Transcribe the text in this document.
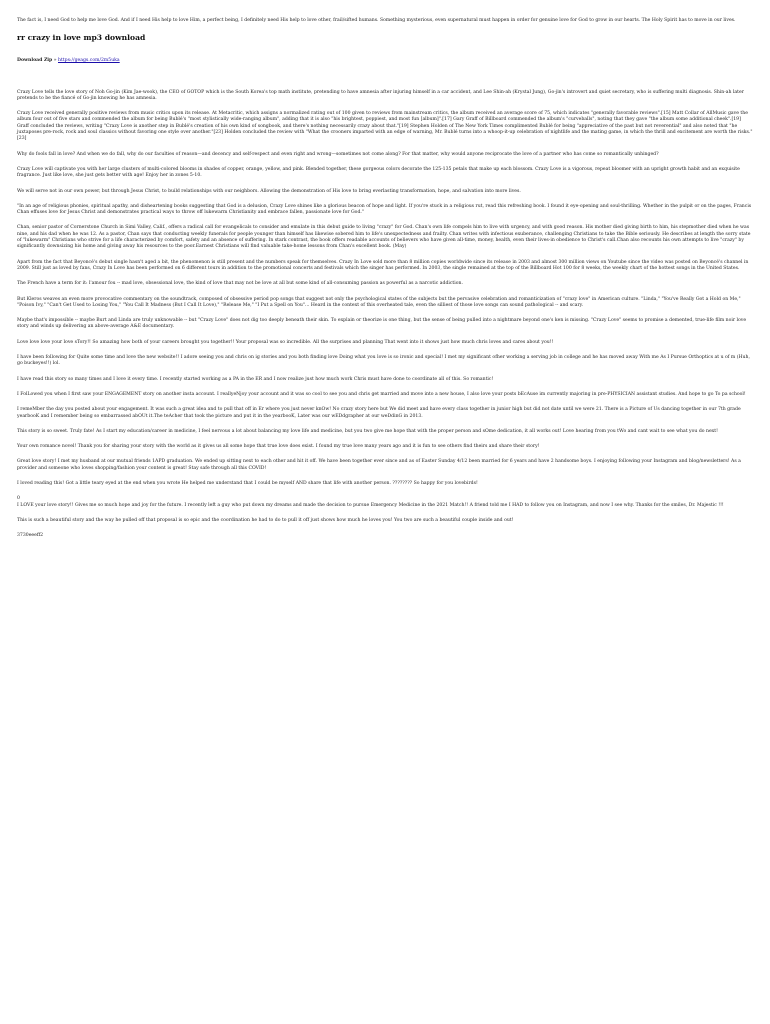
The fact is, I need God to help me love God. And if I need His help to love Him, a perfect being, I definitely need His help to love other, frail/sifted humans. Something mysterious, even supernatural must happen in order for genuine love for God to grow in our hearts. The Holy Spirit has to move in our lives.

rr crazy in love mp3 download

Download Zip » https://geags.com/2m5uka

Crazy Love tells the love story of Noh Go-jin (Kim Jae-wook), the CEO of GOTOP which is the South Korea's top math institute, pretending to have amnesia after injuring himself in a car accident, and Lee Shin-ah (Krystal Jung), Go-jin's introvert and quiet secretary, who is suffering multi diagnosis. Shin-ah later pretends to be the fiancé of Go-jin knowing he has amnesia.

Crazy Love received generally positive reviews from music critics upon its release. At Metacritic, which assigns a normalized rating out of 100 given to reviews from mainstream critics, the album received an average score of 75, which indicates "generally favorable reviews".[15] Matt Collar of AllMusic gave the album four out of five stars and commended the album for being Bublé's "most stylistically wide-ranging album", adding that it is also "his brightest, poppiest, and most fun [album]".[17] Gary Graff of Billboard commended the album's "curveballs", noting that they gave "the album some additional cheek".[19] Graff concluded the reviews, writing "Crazy Love is another step in Bublé's creation of his own kind of songbook, and there's nothing necessarily crazy about that."[19] Stephen Holden of The New York Times complimented Bublé for being "appreciative of the past but not reverential" and also noted that "he juxtaposes pre-rock, rock and soul classics without favoring one style over another."[23] Holden concluded the review with "What the crooners imparted with an edge of warning, Mr. Bublé turns into a whoop-it-up celebration of nightlife and the mating game, in which the thrill and excitement are worth the risks."[23]

Why do fools fall in love? And when we do fall, why do our faculties of reason—and decency and self-respect and even right and wrong—sometimes not come along? For that matter, why would anyone reciprocate the love of a partner who has come so romantically unhinged?

Crazy Love will captivate you with her large clusters of multi-colored blooms in shades of copper, orange, yellow, and pink. Blended together, these gorgeous colors decorate the 125-135 petals that make up each blossom. Crazy Love is a vigorous, repeat bloomer with an upright growth habit and an exquisite fragrance. Just like love, she just gets better with age! Enjoy her in zones 5-10.

We will serve not in our own power, but through Jesus Christ, to build relationships with our neighbors. Allowing the demonstration of His love to bring everlasting transformation, hope, and salvation into more lives.

"In an age of religious phonies, spiritual apathy, and disheartening books suggesting that God is a delusion, Crazy Love shines like a glorious beacon of hope and light. If you're stuck in a religious rut, read this refreshing book. I found it eye-opening and soul-thrilling. Whether in the pulpit or on the pages, Francis Chan effuses love for Jesus Christ and demonstrates practical ways to throw off lukewarm Christianity and embrace fallen, passionate love for God."

Chan, senior pastor of Cornerstone Church in Simi Valley, Calif., offers a radical call for evangelicals to consider and emulate in this debut guide to living "crazy" for God. Chan's own life compels him to live with urgency, and with good reason. His mother died giving birth to him, his stepmother died when he was nine, and his dad when he was 12. As a pastor, Chan says that conducting weekly funerals for people younger than himself has likewise sobered him to life's unexpectedness and frailty. Chan writes with infectious exuberance, challenging Christians to take the Bible seriously. He describes at length the sorry state of "lukewarm" Christians who strive for a life characterized by comfort, safety and an absence of suffering. In stark contrast, the book offers readable accounts of believers who have given all-time, money, health, even their lives-in obedience to Christ's call.Chan also recounts his own attempts to live "crazy" by significantly downsizing his home and giving away his resources to the poor.Earnest Christians will find valuable take-home lessons from Chan's excellent book. (May)

Apart from the fact that Beyoncé's debut single hasn't aged a bit, the phenomenon is still present and the numbers speak for themselves. Crazy In Love sold more than 8 million copies worldwide since its release in 2003 and almost 300 million views on Youtube since the video was posted on Beyoncé's channel in 2009. Still just as loved by fans, Crazy In Love has been performed on 6 different tours in addition to the promotional concerts and festivals which the singer has performed. In 2003, the single remained at the top of the Billboard Hot 100 for 8 weeks, the weekly chart of the hottest songs in the United States.

The French have a term for it: l'amour fou -- mad love, obsessional love, the kind of love that may not be love at all but some kind of all-consuming passion as powerful as a narcotic addiction.

But Kleros weaves an even more provocative commentary on the soundtrack, composed of obsessive period pop songs that suggest not only the psychological states of the subjects but the pervasive celebration and romanticization of "crazy love" in American culture. "Linda," "You've Really Got a Hold on Me," "Poison Ivy," "Can't Get Used to Losing You," "You Call It Madness (But I Call It Love)," "Release Me," "I Put a Spell on You"... Heard in the context of this overheated tale, even the silliest of those love songs can sound pathological -- and scary.

Maybe that's impossible -- maybe Burt and Linda are truly unknowable -- but "Crazy Love" does not dig too deeply beneath their skin. To explain or theorize is one thing, but the sense of being pulled into a nightmare beyond one's ken is missing. "Crazy Love" seems to promise a demented, true-life film noir love story and winds up delivering an above-average A&E documentary.

Love love love your love sTory!! So amazing how both of your careers brought you together!! Your proposal was so incredible. All the surprises and planning That went into it shows just how much chris loves and cares about you!!

I have been following for Quite some time and love the new website!! I adore seeing you and chris on ig stories and you both finding love Doing what you love is so ironic and special! I met my significant ofher working a serving job in college and he has moved away With me As I Pursue Orthoptics at u of m (Huh, go buckeyes!!) lol.

I have read this story so many times and I love it every time. I recently started working as a PA in the ER and I now realize just how much work Chris must have done to coordinate all of this. So romantic!

I FolLowed you when I first saw your ENGAGEMENT story on another insta account. I reallyeNjoy your account and it was so cool to see you and chris get married and move into a new house, I also love your posts bEcAuse im currently majoring in pre-PHYSICIAN assistant studies. And hope to go To pa school!

I remeMber the day you posted about your engagement. It was such a great idea and to pull that off in Er where you just never knOw! No crazy story here but We did meet and have every class together in junior high but did not date until we were 21. There is a Picture of Us dancing together in our 7th grade yearbooK and I remember being so embarrassed abOUt it.The teAcher that took the picture and put it in the yearbooK, Later was our wEDdgrapher at our weDdinG in 2013.

This story is so sweet. Truly fate! As I start my education/career in medicine, I feel nervous a lot about balancing my love life and medicine, but you two give me hope that with the proper person and sOme dedication, it all works out! Love hearing from you tWo and cant wait to see what you do next!

Your own romance novel! Thank you for sharing your story with the world as it gives us all some hope that true love does exist. I found my true love many years ago and it is fun to see others find theirs and share their story!

Great love story! I met my husband at our mutual friends 1APD graduation. We ended up sitting next to each other and hit it off. We have been together ever since and as of Easter Sunday 4/12 been married for 6 years and have 2 handsome boys. I enjoying following your Instagram and blog/newsletters! As a provider and someone who loves shopping/fashion your content is great! Stay safe through all this COVID!

I loved reading this! Got a little teary eyed at the end when you wrote He helped me understand that I could be myself AND share that life with another person. ???????? So happy for you lovebirds!

0
I LOVE your love story!! Gives me so much hope and joy for the future. I recently left a guy who put down my dreams and made the decision to pursue Emergency Medicine in the 2021 Match!! A friend told me I HAD to follow you on Instagram, and now I see why. Thanks for the smiles, Dr. Majestic !!!

This is such a beautiful story and the way he pulled off that proposal is so epic and the coordination he had to do to pull it off just shows how much he loves you! You two are such a beautiful couple inside and out!

3730eeeff2
